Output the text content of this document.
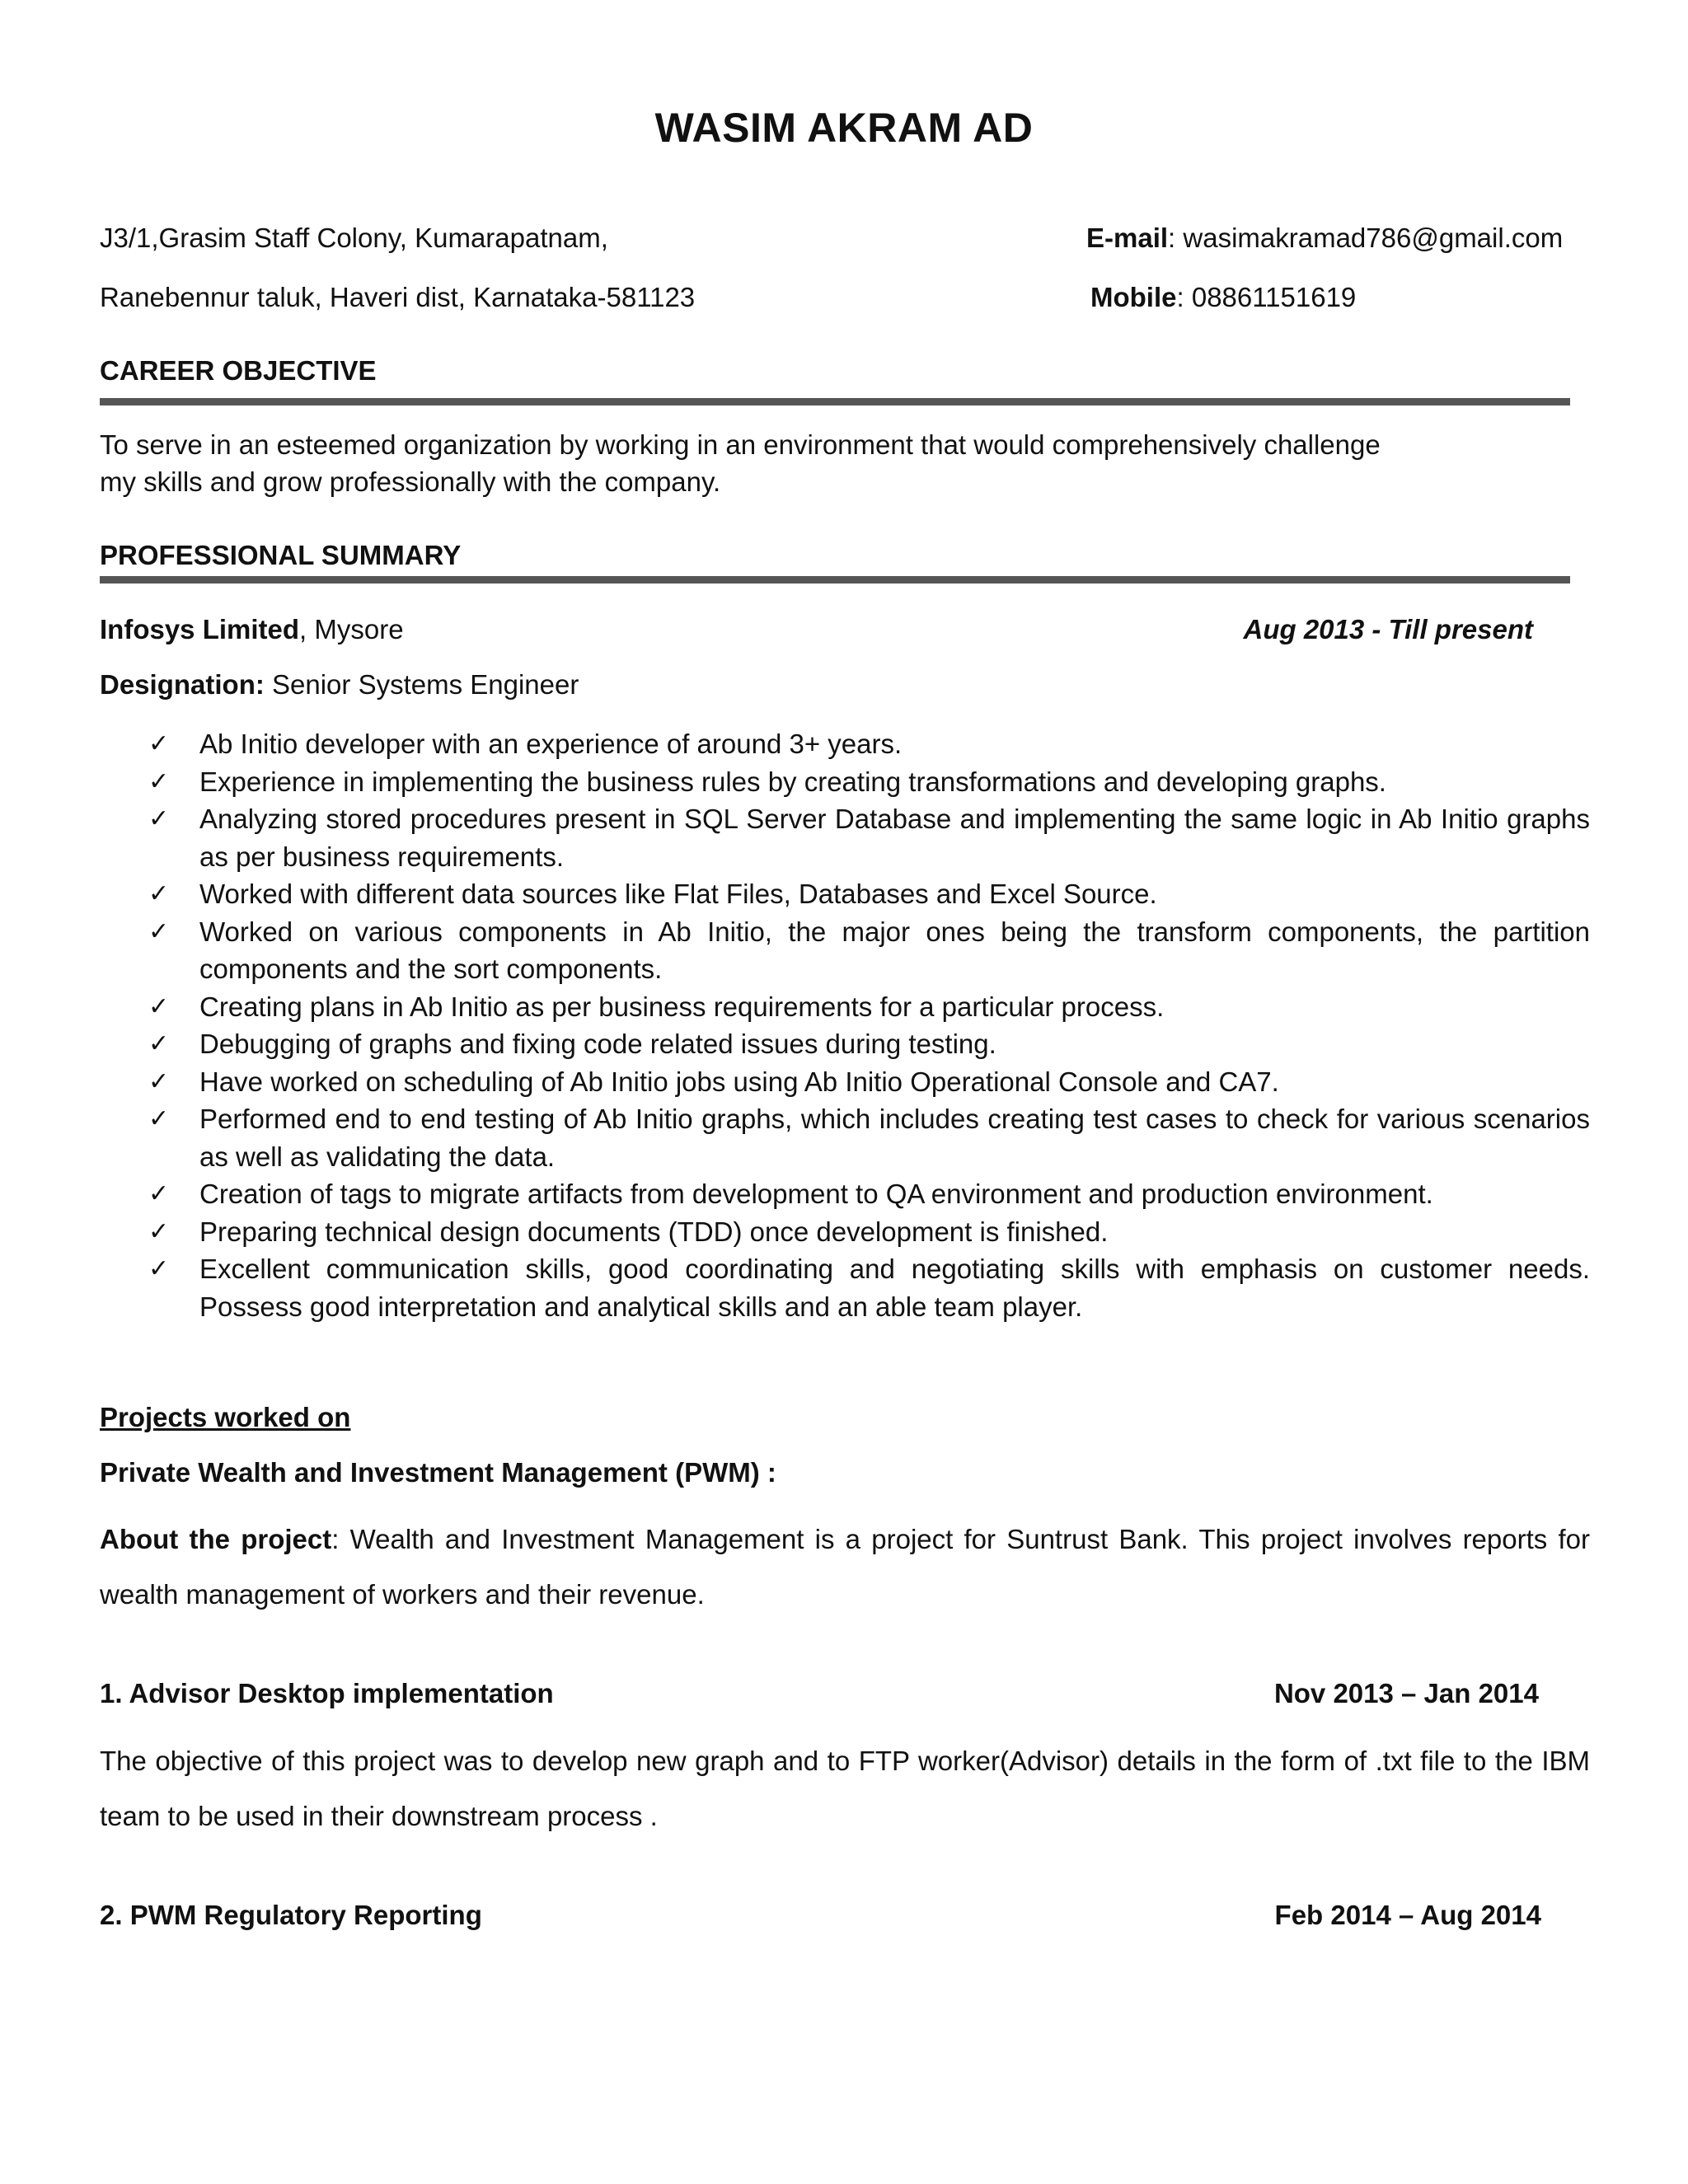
WASIM AKRAM AD
J3/1,Grasim Staff Colony, Kumarapatnam,
Ranebennur taluk, Haveri dist, Karnataka-581123
E-mail: wasimakramad786@gmail.com
Mobile: 08861151619
CAREER OBJECTIVE
To serve in an esteemed organization by working in an environment that would comprehensively challenge
my skills and grow professionally with the company.
PROFESSIONAL SUMMARY
Infosys Limited, Mysore	Aug 2013 - Till present
Designation: Senior Systems Engineer
✓ Ab Initio developer with an experience of around 3+ years.
✓ Experience in implementing the business rules by creating transformations and developing graphs.
✓ Analyzing stored procedures present in SQL Server Database and implementing the same logic in Ab Initio graphs as per business requirements.
✓ Worked with different data sources like Flat Files, Databases and Excel Source.
✓ Worked on various components in Ab Initio, the major ones being the transform components, the partition components and the sort components.
✓ Creating plans in Ab Initio as per business requirements for a particular process.
✓ Debugging of graphs and fixing code related issues during testing.
✓ Have worked on scheduling of Ab Initio jobs using Ab Initio Operational Console and CA7.
✓ Performed end to end testing of Ab Initio graphs, which includes creating test cases to check for various scenarios as well as validating the data.
✓ Creation of tags to migrate artifacts from development to QA environment and production environment.
✓ Preparing technical design documents (TDD) once development is finished.
✓ Excellent communication skills, good coordinating and negotiating skills with emphasis on customer needs. Possess good interpretation and analytical skills and an able team player.
Projects worked on
Private Wealth and Investment Management (PWM) :
About the project: Wealth and Investment Management is a project for Suntrust Bank. This project involves reports for wealth management of workers and their revenue.
1. Advisor Desktop implementation	Nov 2013 – Jan 2014
The objective of this project was to develop new graph and to FTP worker(Advisor) details in the form of .txt file to the IBM team to be used in their downstream process .
2. PWM Regulatory Reporting	Feb 2014 – Aug 2014
